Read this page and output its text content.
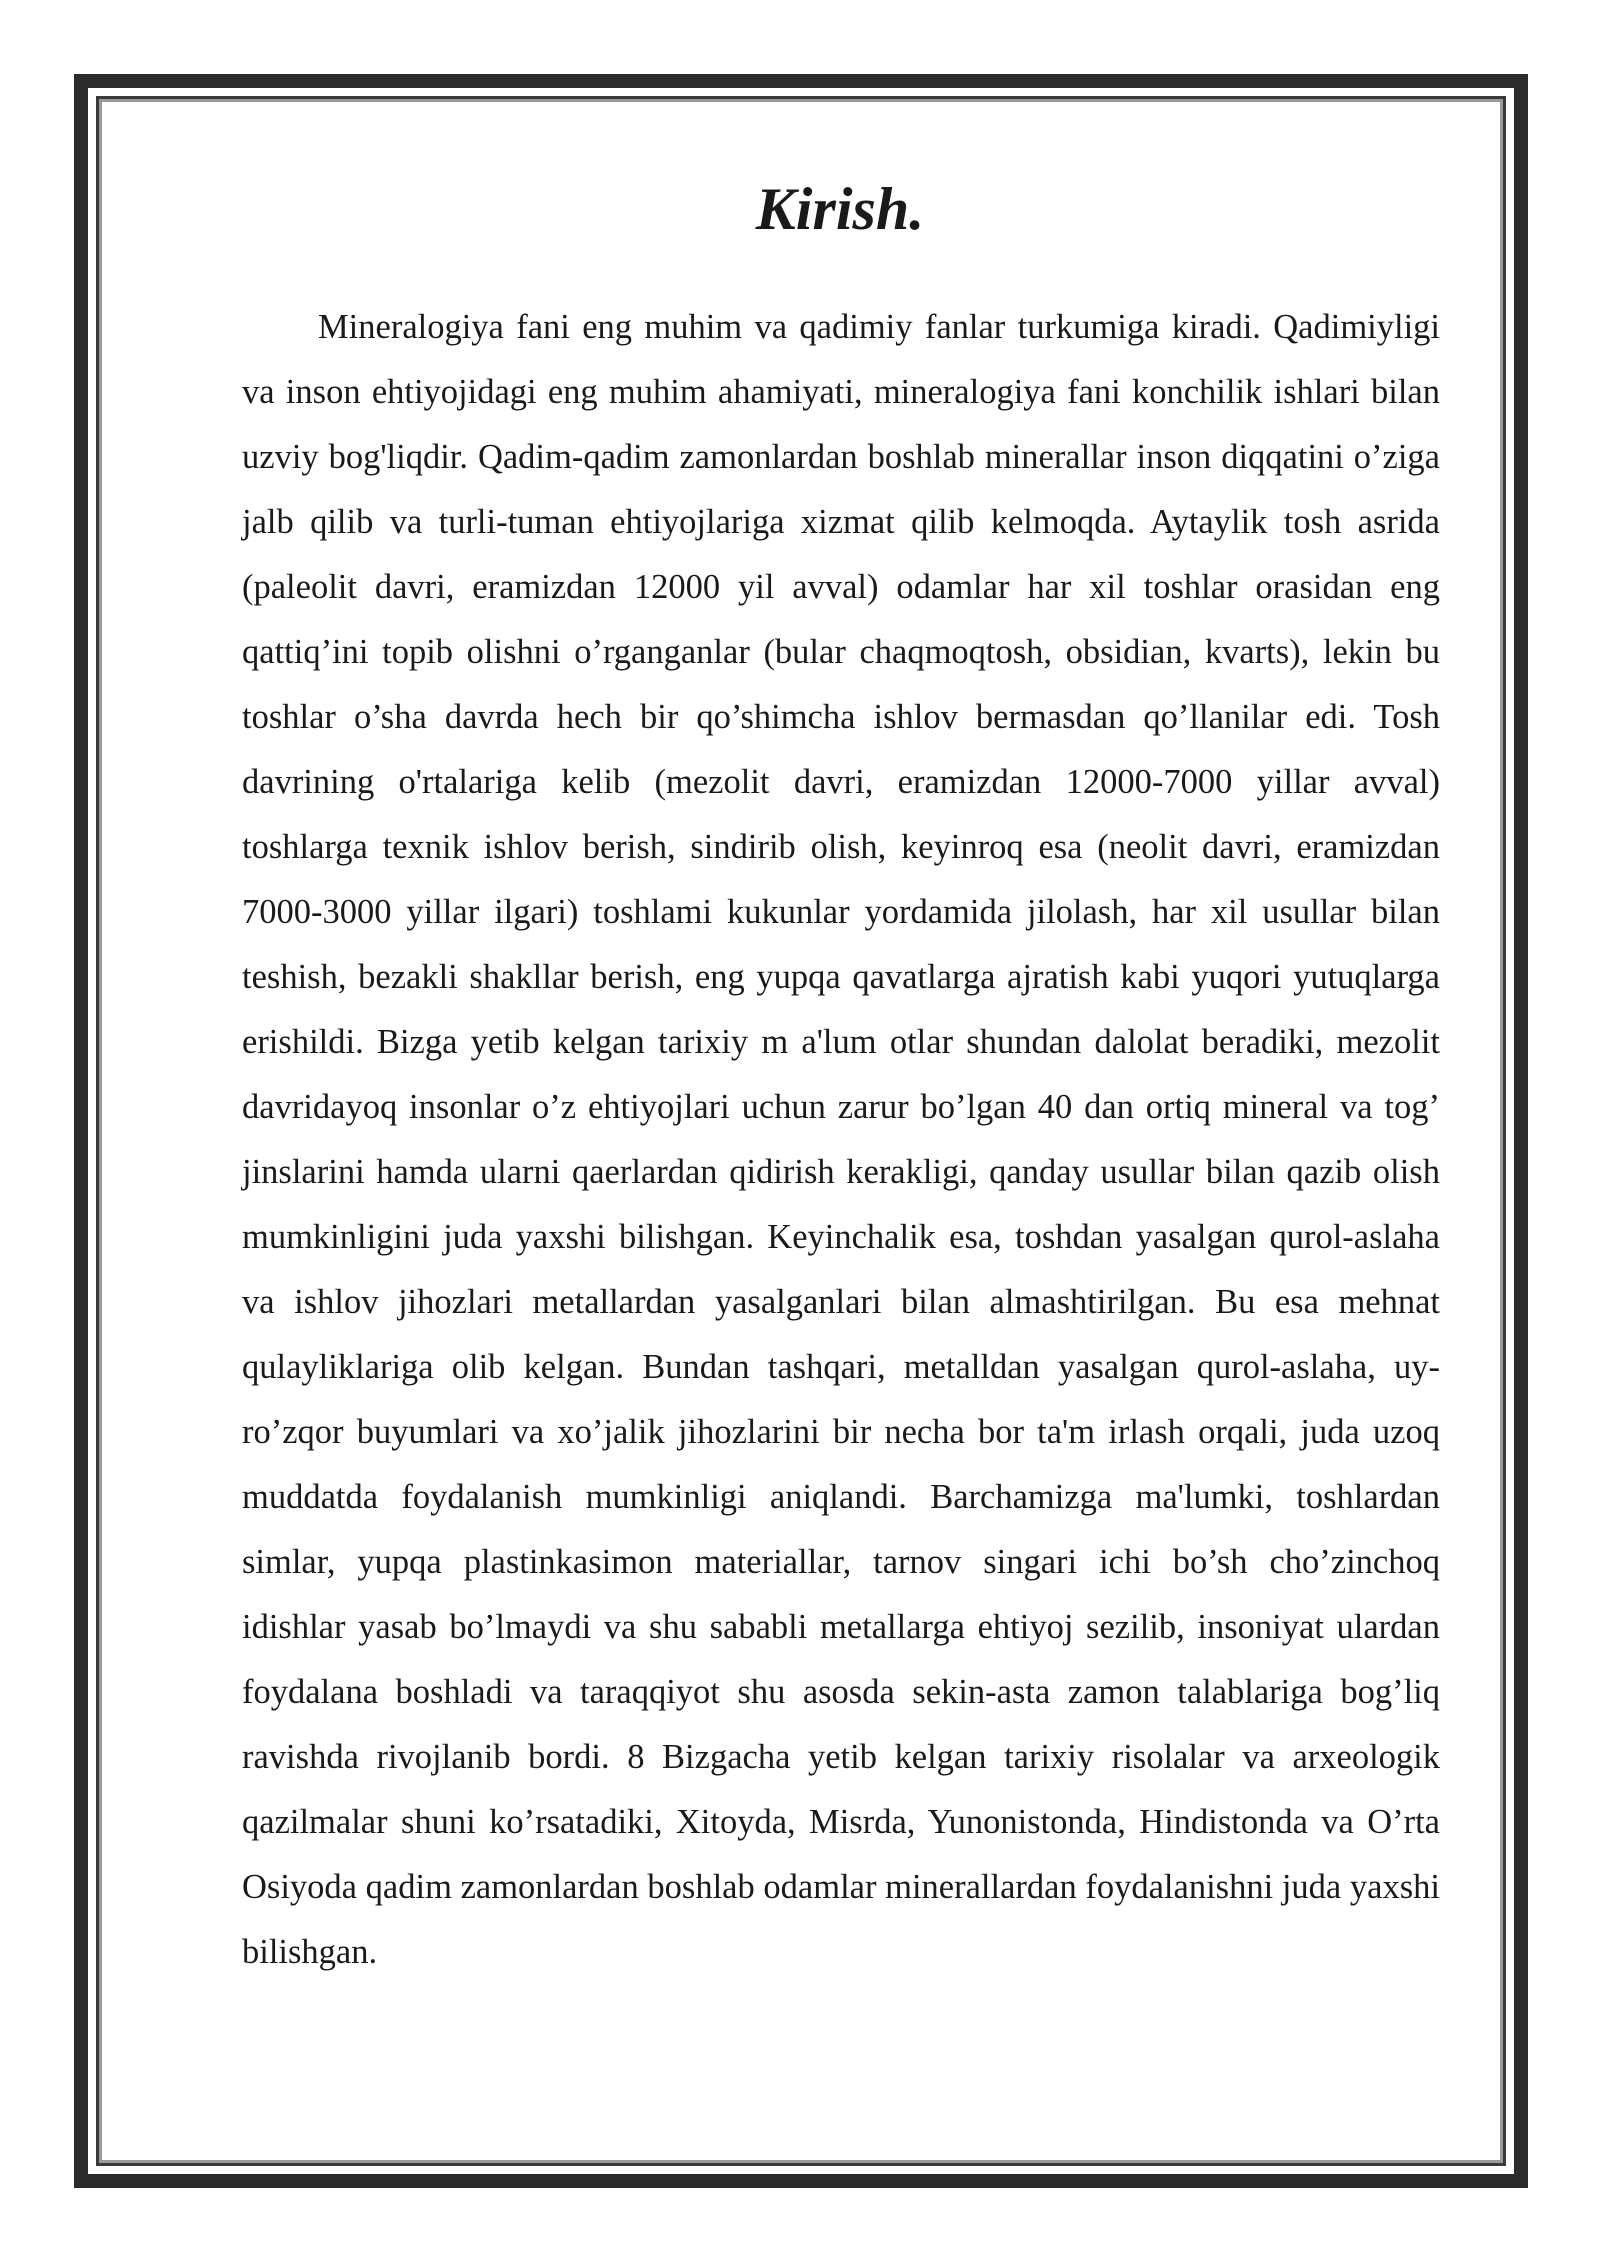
Kirish.

Mineralogiya fani eng muhim va qadimiy fanlar turkumiga kiradi. Qadimiyligi va inson ehtiyojidagi eng muhim ahamiyati, mineralogiya fani konchilik ishlari bilan uzviy bog'liqdir. Qadim-qadim zamonlardan boshlab minerallar inson diqqatini o’ziga jalb qilib va turli-tuman ehtiyojlariga xizmat qilib kelmoqda. Aytaylik tosh asrida (paleolit davri, eramizdan 12000 yil avval) odamlar har xil toshlar orasidan eng qattiq’ini topib olishni o’rganganlar (bular chaqmoqtosh, obsidian, kvarts), lekin bu toshlar o’sha davrda hech bir qo’shimcha ishlov bermasdan qo’llanilar edi. Tosh davrining o'rtalariga kelib (mezolit davri, eramizdan 12000-7000 yillar avval) toshlarga texnik ishlov berish, sindirib olish, keyinroq esa (neolit davri, eramizdan 7000-3000 yillar ilgari) toshlami kukunlar yordamida jilolash, har xil usullar bilan teshish, bezakli shakllar berish, eng yupqa qavatlarga ajratish kabi yuqori yutuqlarga erishildi. Bizga yetib kelgan tarixiy m a'lum otlar shundan dalolat beradiki, mezolit davridayoq insonlar o’z ehtiyojlari uchun zarur bo’lgan 40 dan ortiq mineral va tog’ jinslarini hamda ularni qaerlardan qidirish kerakligi, qanday usullar bilan qazib olish mumkinligini juda yaxshi bilishgan. Keyinchalik esa, toshdan yasalgan qurol-aslaha va ishlov jihozlari metallardan yasalganlari bilan almashtirilgan. Bu esa mehnat qulayliklariga olib kelgan. Bundan tashqari, metalldan yasalgan qurol-aslaha, uy-ro’zqor buyumlari va xo’jalik jihozlarini bir necha bor ta'm irlash orqali, juda uzoq muddatda foydalanish mumkinligi aniqlandi. Barchamizga ma'lumki, toshlardan simlar, yupqa plastinkasimon materiallar, tarnov singari ichi bo’sh cho’zinchoq idishlar yasab bo’lmaydi va shu sababli metallarga ehtiyoj sezilib, insoniyat ulardan foydalana boshladi va taraqqiyot shu asosda sekin-asta zamon talablariga bog’liq ravishda rivojlanib bordi. 8 Bizgacha yetib kelgan tarixiy risolalar va arxeologik qazilmalar shuni ko’rsatadiki, Xitoyda, Misrda, Yunonistonda, Hindistonda va O’rta Osiyoda qadim zamonlardan boshlab odamlar minerallardan foydalanishni juda yaxshi bilishgan.
